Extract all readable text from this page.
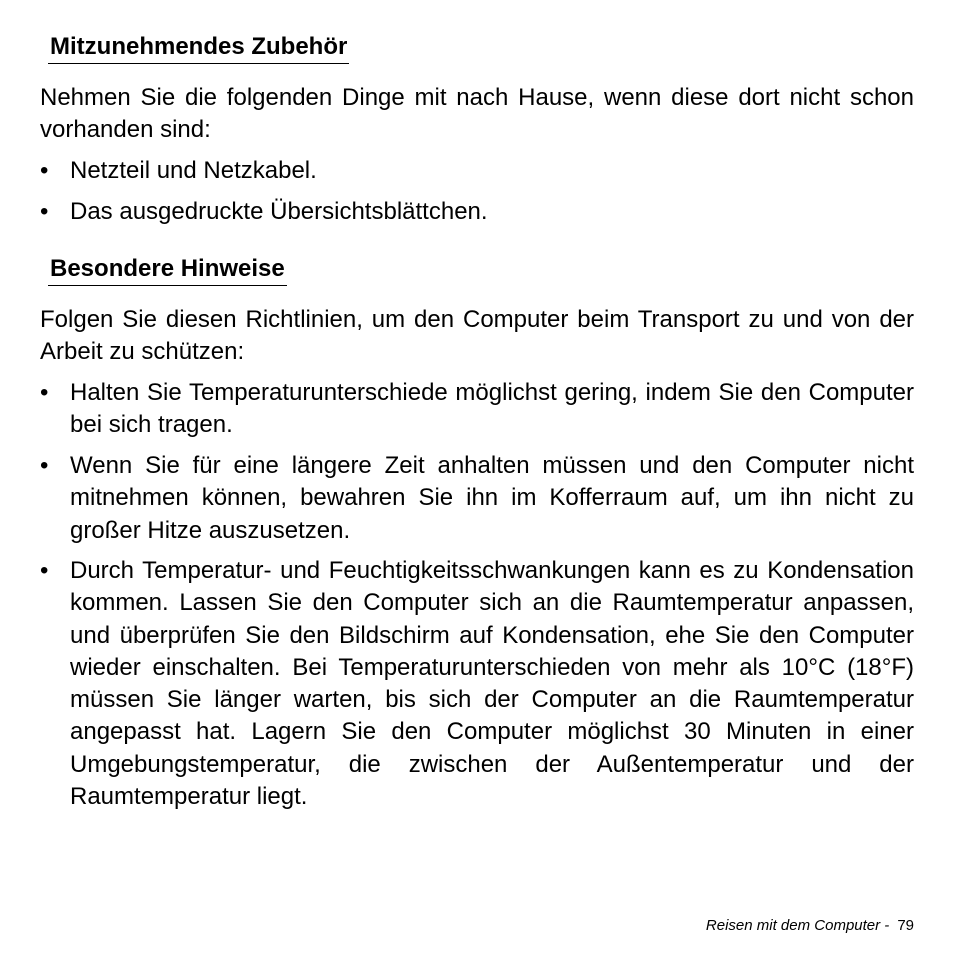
Mitzunehmendes Zubehör

Nehmen Sie die folgenden Dinge mit nach Hause, wenn diese dort nicht schon vorhanden sind:

• Netzteil und Netzkabel.
• Das ausgedruckte Übersichtsblättchen.
Besondere Hinweise

Folgen Sie diesen Richtlinien, um den Computer beim Transport zu und von der Arbeit zu schützen:

• Halten Sie Temperaturunterschiede möglichst gering, indem Sie den Computer bei sich tragen.
• Wenn Sie für eine längere Zeit anhalten müssen und den Computer nicht mitnehmen können, bewahren Sie ihn im Kofferraum auf, um ihn nicht zu großer Hitze auszusetzen.
• Durch Temperatur- und Feuchtigkeitsschwankungen kann es zu Kondensation kommen. Lassen Sie den Computer sich an die Raumtemperatur anpassen, und überprüfen Sie den Bildschirm auf Kondensation, ehe Sie den Computer wieder einschalten. Bei Temperaturunterschieden von mehr als 10°C (18°F) müssen Sie länger warten, bis sich der Computer an die Raumtemperatur angepasst hat. Lagern Sie den Computer möglichst 30 Minuten in einer Umgebungstemperatur, die zwischen der Außentemperatur und der Raumtemperatur liegt.
Reisen mit dem Computer - 79
